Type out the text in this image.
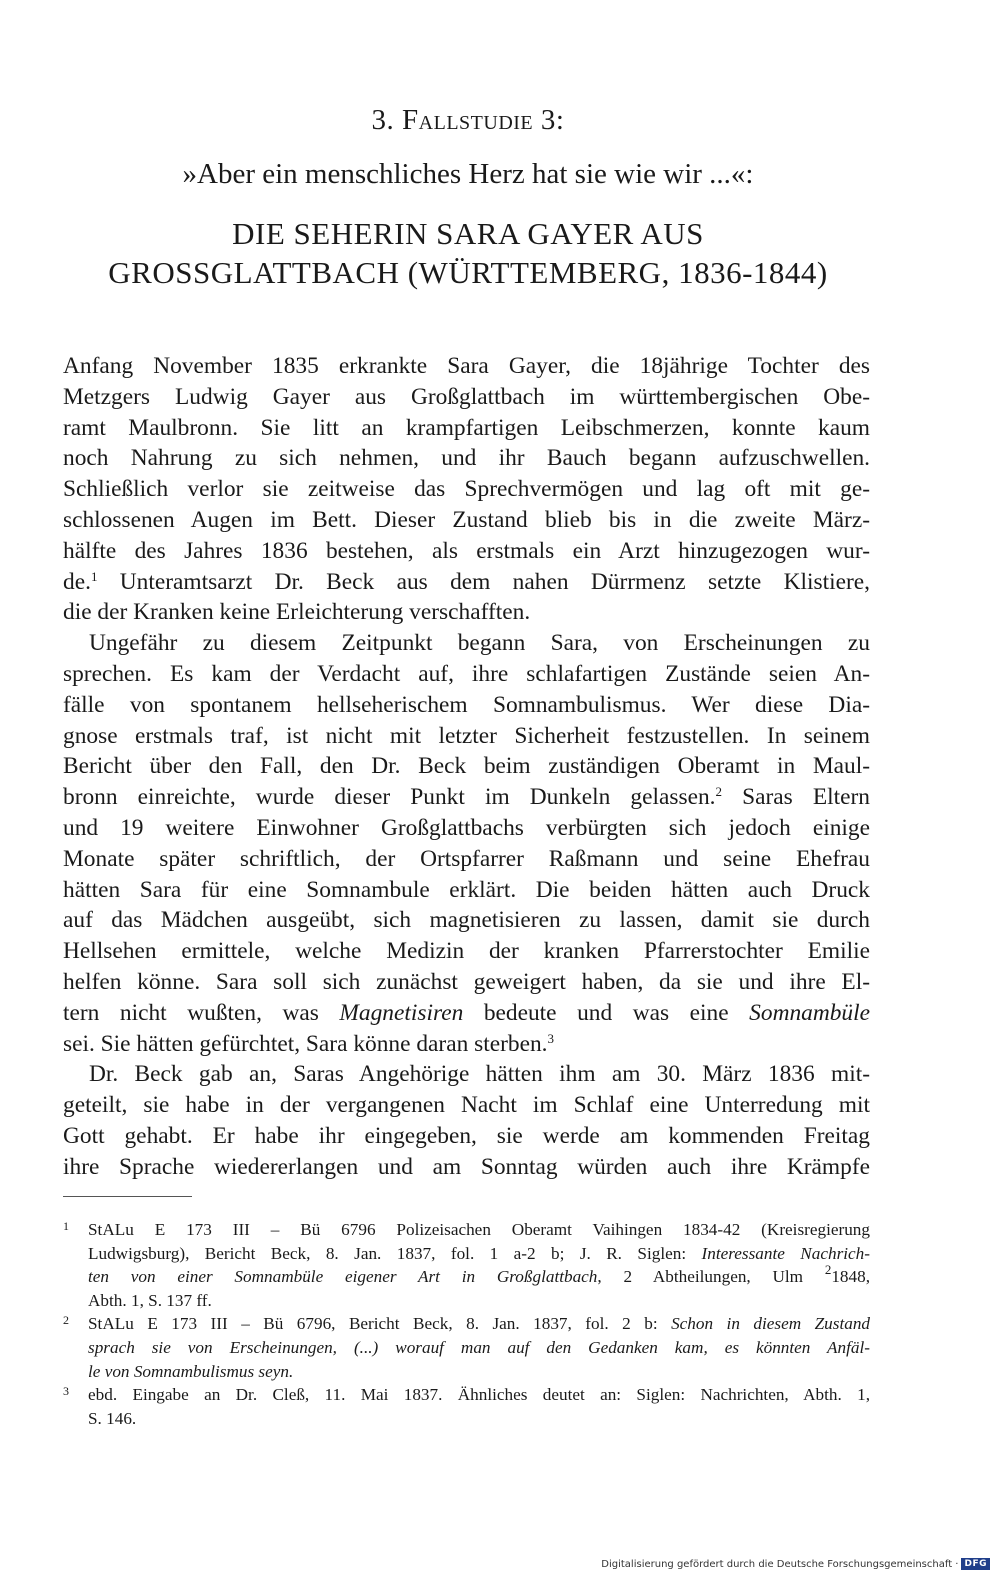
3. Fallstudie 3:
»Aber ein menschliches Herz hat sie wie wir ...«:
DIE SEHERIN SARA GAYER AUS
GROSSGLATTBACH (WÜRTTEMBERG, 1836-1844)

Anfang November 1835 erkrankte Sara Gayer, die 18jährige Tochter des
Metzgers Ludwig Gayer aus Großglattbach im württembergischen Obe-
ramt Maulbronn. Sie litt an krampfartigen Leibschmerzen, konnte kaum
noch Nahrung zu sich nehmen, und ihr Bauch begann aufzuschwellen.
Schließlich verlor sie zeitweise das Sprechvermögen und lag oft mit ge-
schlossenen Augen im Bett. Dieser Zustand blieb bis in die zweite März-
hälfte des Jahres 1836 bestehen, als erstmals ein Arzt hinzugezogen wur-
de.$^1$ Unteramtsarzt Dr. Beck aus dem nahen Dürrmenz setzte Klistiere,
die der Kranken keine Erleichterung verschafften.

Ungefähr zu diesem Zeitpunkt begann Sara, von Erscheinungen zu
sprechen. Es kam der Verdacht auf, ihre schlafartigen Zustände seien An-
fälle von spontanem hellseherischem Somnambulismus. Wer diese Dia-
gnose erstmals traf, ist nicht mit letzter Sicherheit festzustellen. In seinem
Bericht über den Fall, den Dr. Beck beim zuständigen Oberamt in Maul-
bronn einreichte, wurde dieser Punkt im Dunkeln gelassen.$^2$ Saras Eltern
und 19 weitere Einwohner Großglattbachs verbürgten sich jedoch einige
Monate später schriftlich, der Ortspfarrer Raßmann und seine Ehefrau
hätten Sara für eine Somnambule erklärt. Die beiden hätten auch Druck
auf das Mädchen ausgeübt, sich magnetisieren zu lassen, damit sie durch
Hellsehen ermittele, welche Medizin der kranken Pfarrerstochter Emilie
helfen könne. Sara soll sich zunächst geweigert haben, da sie und ihre El-
tern nicht wußten, was Magnetisiren bedeute und was eine Somnambüle
sei. Sie hätten gefürchtet, Sara könne daran sterben.$^3$

Dr. Beck gab an, Saras Angehörige hätten ihm am 30. März 1836 mit-
geteilt, sie habe in der vergangenen Nacht im Schlaf eine Unterredung mit
Gott gehabt. Er habe ihr eingegeben, sie werde am kommenden Freitag
ihre Sprache wiedererlangen und am Sonntag würden auch ihre Krämpfe

1 StALu E 173 III – Bü 6796 Polizeisachen Oberamt Vaihingen 1834-42 (Kreisregierung
Ludwigsburg), Bericht Beck, 8. Jan. 1837, fol. 1 a-2 b; J. R. Siglen: Interessante Nachrich-
ten von einer Somnambüle eigener Art in Großglattbach, 2 Abtheilungen, Ulm $^2$1848,
Abth. 1, S. 137 ff.
2 StALu E 173 III – Bü 6796, Bericht Beck, 8. Jan. 1837, fol. 2 b: Schon in diesem Zustand
sprach sie von Erscheinungen, (...) worauf man auf den Gedanken kam, es könnten Anfäl-
le von Somnambulismus seyn.
3 ebd. Eingabe an Dr. Cleß, 11. Mai 1837. Ähnliches deutet an: Siglen: Nachrichten, Abth. 1,
S. 146.
Digitalisierung gefördert durch die Deutsche Forschungsgemeinschaft · DFG
